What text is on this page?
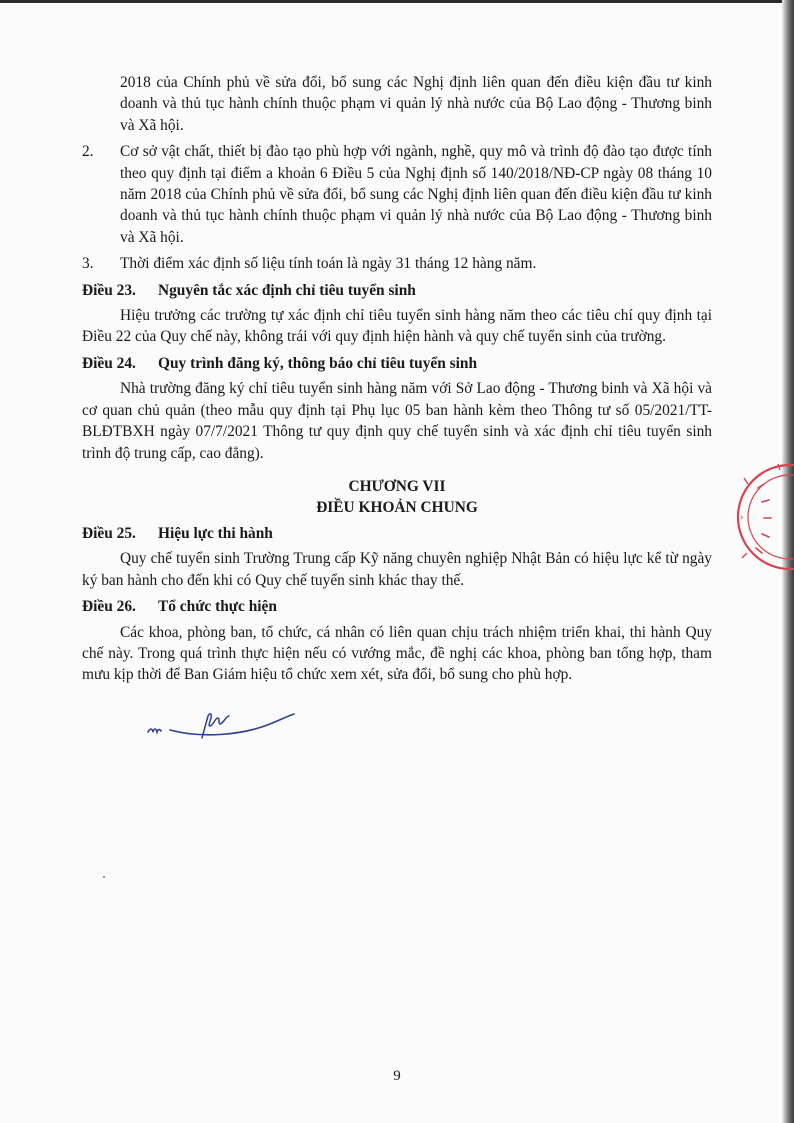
2018 của Chính phủ về sửa đổi, bổ sung các Nghị định liên quan đến điều kiện đầu tư kinh doanh và thủ tục hành chính thuộc phạm vi quản lý nhà nước của Bộ Lao động - Thương binh và Xã hội.

2.	Cơ sở vật chất, thiết bị đào tạo phù hợp với ngành, nghề, quy mô và trình độ đào tạo được tính theo quy định tại điểm a khoản 6 Điều 5 của Nghị định số 140/2018/NĐ-CP ngày 08 tháng 10 năm 2018 của Chính phủ về sửa đổi, bổ sung các Nghị định liên quan đến điều kiện đầu tư kinh doanh và thủ tục hành chính thuộc phạm vi quản lý nhà nước của Bộ Lao động - Thương binh và Xã hội.
3.	Thời điểm xác định số liệu tính toán là ngày 31 tháng 12 hàng năm.
Điều 23.	Nguyên tắc xác định chỉ tiêu tuyển sinh

Hiệu trưởng các trường tự xác định chỉ tiêu tuyển sinh hàng năm theo các tiêu chí quy định tại Điều 22 của Quy chế này, không trái với quy định hiện hành và quy chế tuyển sinh của trường.

Điều 24.	Quy trình đăng ký, thông báo chỉ tiêu tuyển sinh

Nhà trường đăng ký chỉ tiêu tuyển sinh hàng năm với Sở Lao động - Thương binh và Xã hội và cơ quan chủ quản (theo mẫu quy định tại Phụ lục 05 ban hành kèm theo Thông tư số 05/2021/TT-BLĐTBXH ngày 07/7/2021 Thông tư quy định quy chế tuyển sinh và xác định chỉ tiêu tuyển sinh trình độ trung cấp, cao đẳng).

CHƯƠNG VII
ĐIỀU KHOẢN CHUNG
Điều 25.	Hiệu lực thi hành

Quy chế tuyển sinh Trường Trung cấp Kỹ năng chuyên nghiệp Nhật Bản có hiệu lực kể từ ngày ký ban hành cho đến khi có Quy chế tuyển sinh khác thay thế.

Điều 26.	Tổ chức thực hiện

Các khoa, phòng ban, tổ chức, cá nhân có liên quan chịu trách nhiệm triển khai, thi hành Quy chế này. Trong quá trình thực hiện nếu có vướng mắc, đề nghị các khoa, phòng ban tổng hợp, tham mưu kịp thời để Ban Giám hiệu tổ chức xem xét, sửa đổi, bổ sung cho phù hợp.

›
9
